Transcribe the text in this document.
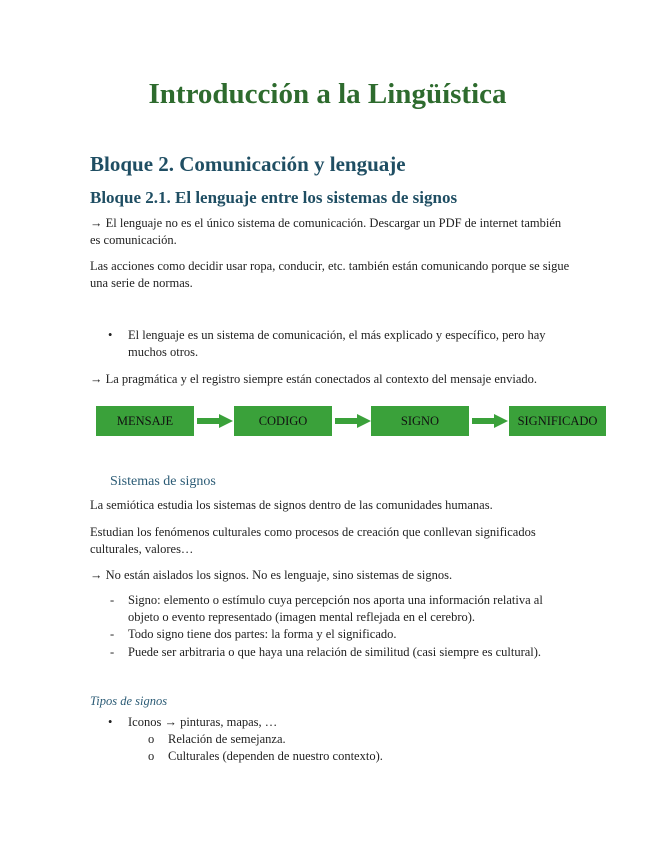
Introducción a la Lingüística
Bloque 2. Comunicación y lenguaje
Bloque 2.1. El lenguaje entre los sistemas de signos
→ El lenguaje no es el único sistema de comunicación. Descargar un PDF de internet también es comunicación.
Las acciones como decidir usar ropa, conducir, etc. también están comunicando porque se sigue una serie de normas.
• El lenguaje es un sistema de comunicación, el más explicado y específico, pero hay muchos otros.
→ La pragmática y el registro siempre están conectados al contexto del mensaje enviado.
MENSAJE	CODIGO	SIGNO	SIGNIFICADO
Sistemas de signos
La semiótica estudia los sistemas de signos dentro de las comunidades humanas.
Estudian los fenómenos culturales como procesos de creación que conllevan significados culturales, valores…
→ No están aislados los signos. No es lenguaje, sino sistemas de signos.
- Signo: elemento o estímulo cuya percepción nos aporta una información relativa al objeto o evento representado (imagen mental reflejada en el cerebro).
- Todo signo tiene dos partes: la forma y el significado.
- Puede ser arbitraria o que haya una relación de similitud (casi siempre es cultural).
Tipos de signos
• Iconos → pinturas, mapas, …
o Relación de semejanza.
o Culturales (dependen de nuestro contexto).
